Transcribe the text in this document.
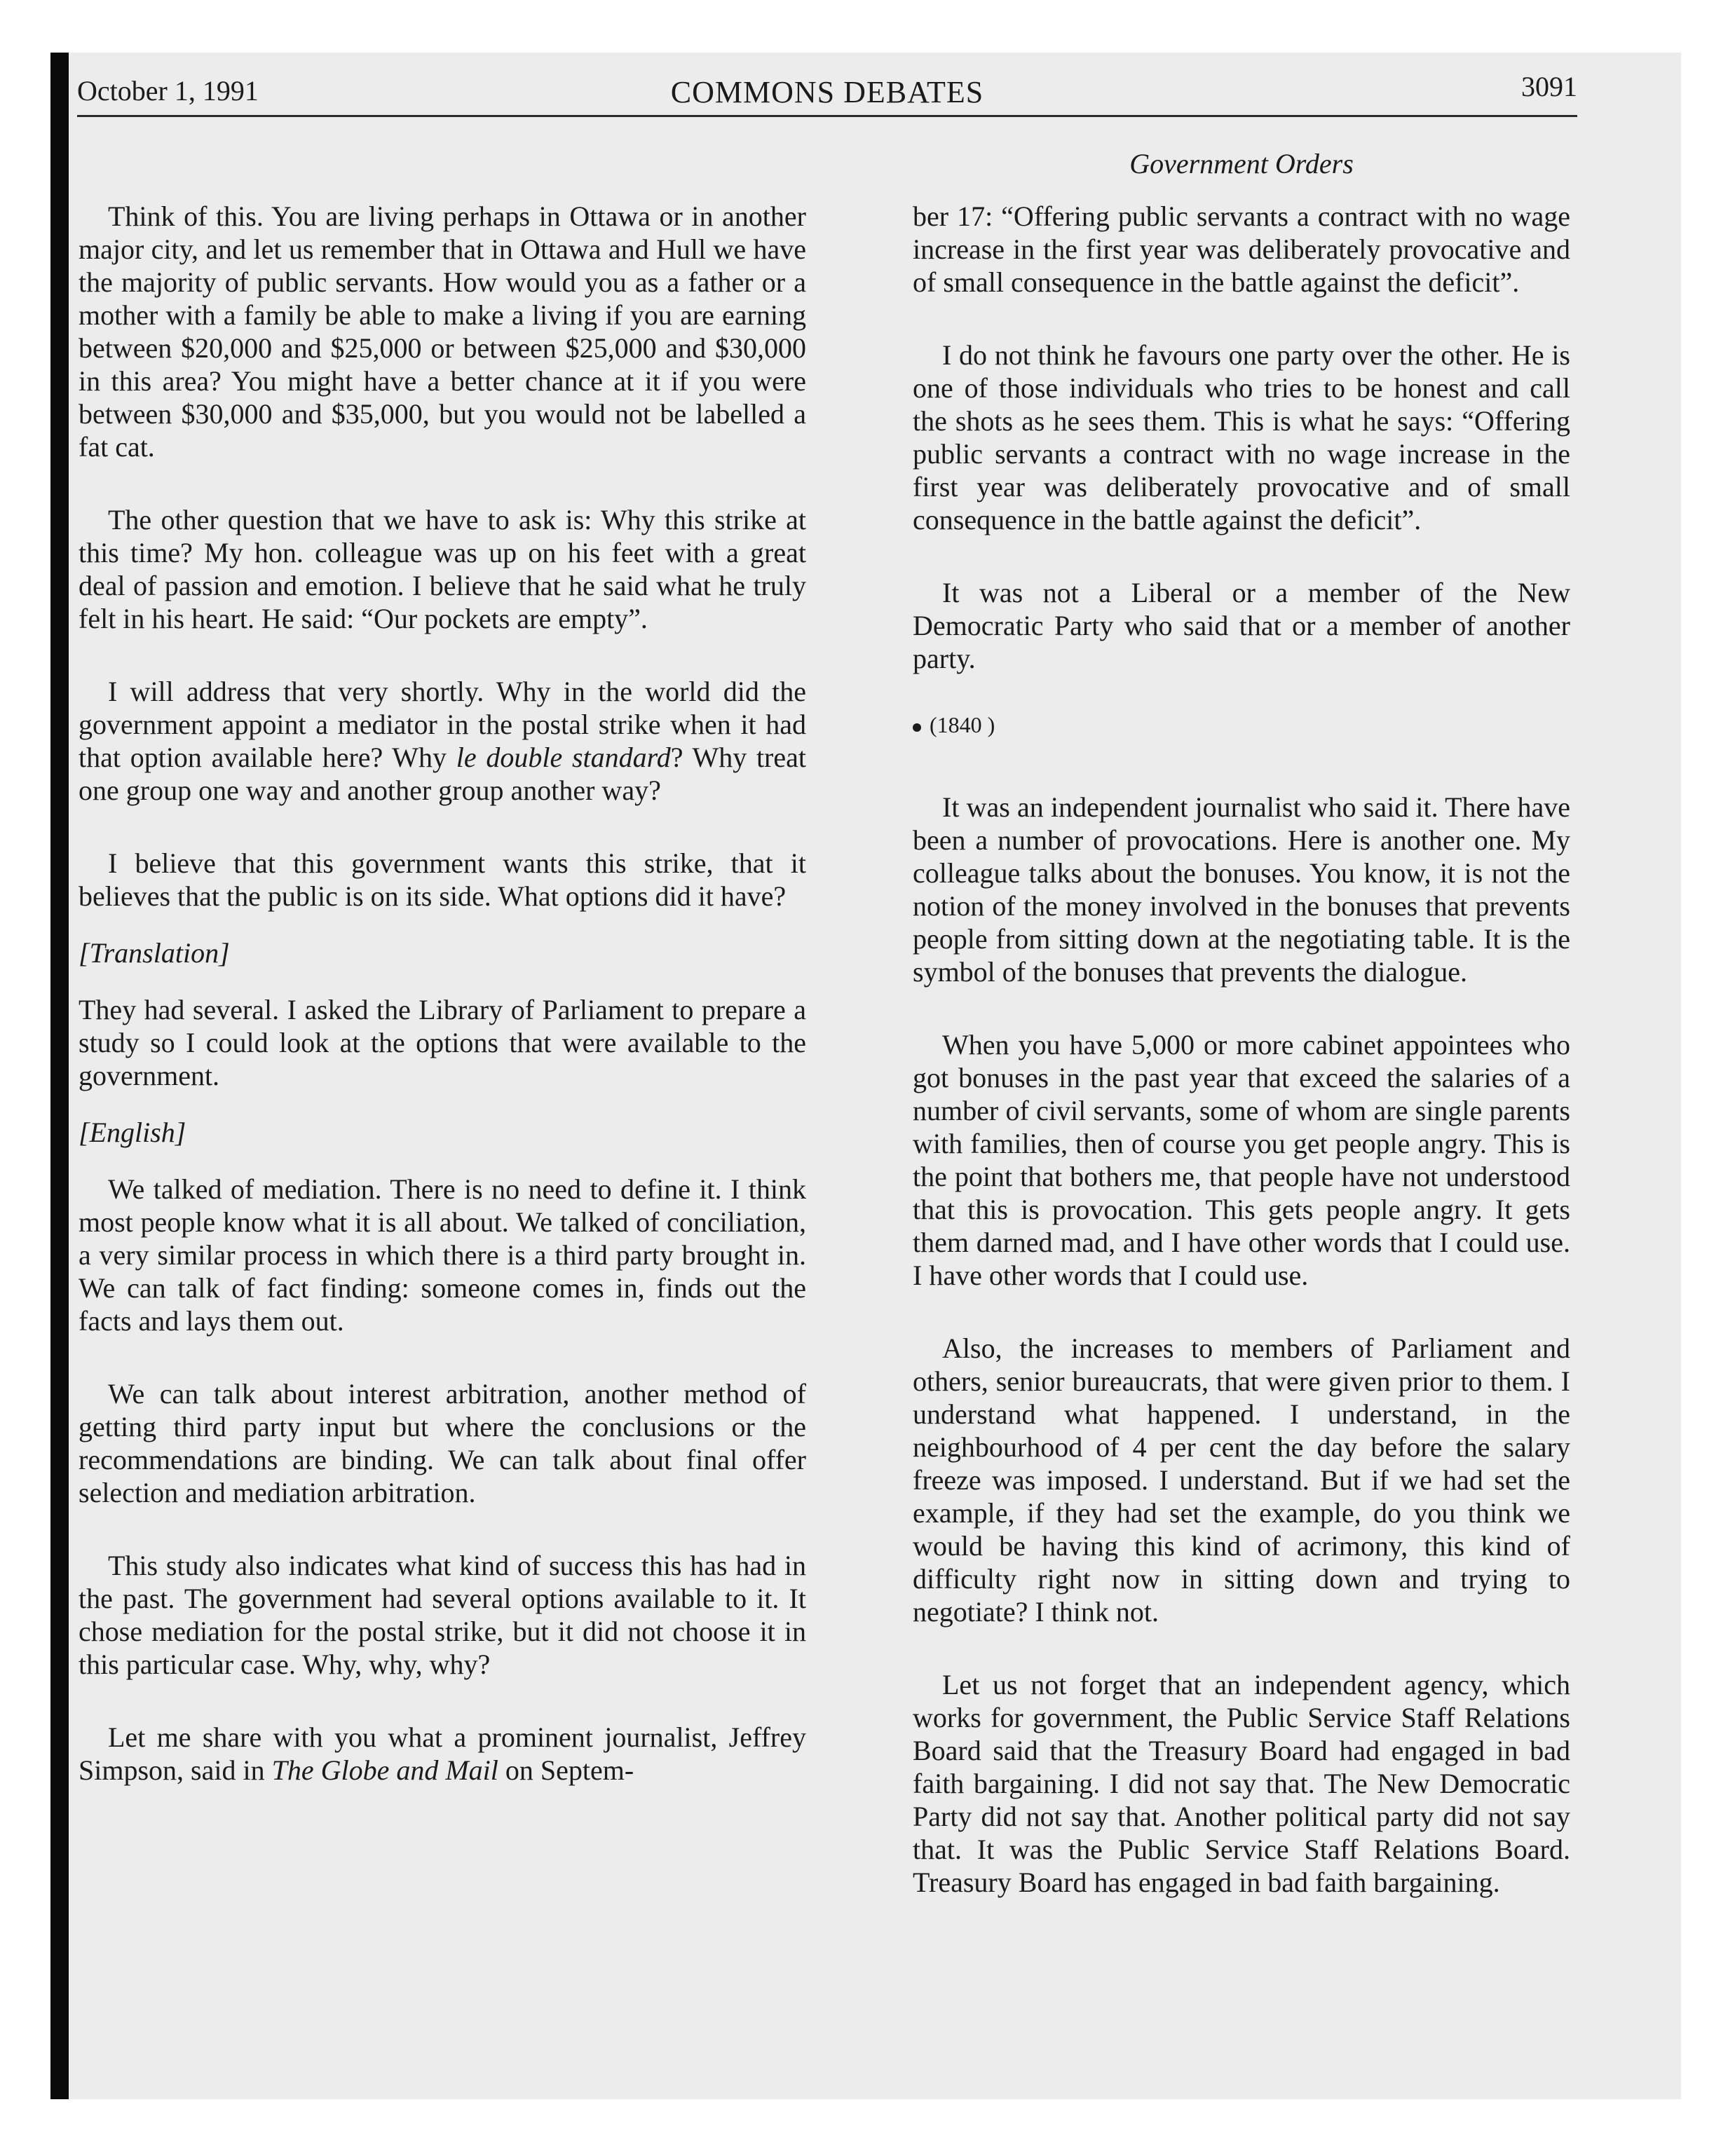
October 1, 1991	COMMONS DEBATES	3091
Government Orders

Think of this. You are living perhaps in Ottawa or in another major city, and let us remember that in Ottawa and Hull we have the majority of public servants. How would you as a father or a mother with a family be able to make a living if you are earning between $20,000 and $25,000 or between $25,000 and $30,000 in this area? You might have a better chance at it if you were between $30,000 and $35,000, but you would not be labelled a fat cat.

The other question that we have to ask is: Why this strike at this time? My hon. colleague was up on his feet with a great deal of passion and emotion. I believe that he said what he truly felt in his heart. He said: “Our pockets are empty”.

I will address that very shortly. Why in the world did the government appoint a mediator in the postal strike when it had that option available here? Why le double standard? Why treat one group one way and another group another way?

I believe that this government wants this strike, that it believes that the public is on its side. What options did it have?

[Translation]

They had several. I asked the Library of Parliament to prepare a study so I could look at the options that were available to the government.

[English]

We talked of mediation. There is no need to define it. I think most people know what it is all about. We talked of conciliation, a very similar process in which there is a third party brought in. We can talk of fact finding: someone comes in, finds out the facts and lays them out.

We can talk about interest arbitration, another method of getting third party input but where the conclusions or the recommendations are binding. We can talk about final offer selection and mediation arbitration.

This study also indicates what kind of success this has had in the past. The government had several options available to it. It chose mediation for the postal strike, but it did not choose it in this particular case. Why, why, why?

Let me share with you what a prominent journalist, Jeffrey Simpson, said in The Globe and Mail on Septem-

ber 17: “Offering public servants a contract with no wage increase in the first year was deliberately provocative and of small consequence in the battle against the deficit”.

I do not think he favours one party over the other. He is one of those individuals who tries to be honest and call the shots as he sees them. This is what he says: “Offering public servants a contract with no wage increase in the first year was deliberately provocative and of small consequence in the battle against the deficit”.

It was not a Liberal or a member of the New Democratic Party who said that or a member of another party.

(1840 )

It was an independent journalist who said it. There have been a number of provocations. Here is another one. My colleague talks about the bonuses. You know, it is not the notion of the money involved in the bonuses that prevents people from sitting down at the negotiating table. It is the symbol of the bonuses that prevents the dialogue.

When you have 5,000 or more cabinet appointees who got bonuses in the past year that exceed the salaries of a number of civil servants, some of whom are single parents with families, then of course you get people angry. This is the point that bothers me, that people have not understood that this is provocation. This gets people angry. It gets them darned mad, and I have other words that I could use. I have other words that I could use.

Also, the increases to members of Parliament and others, senior bureaucrats, that were given prior to them. I understand what happened. I understand, in the neighbourhood of 4 per cent the day before the salary freeze was imposed. I understand. But if we had set the example, if they had set the example, do you think we would be having this kind of acrimony, this kind of difficulty right now in sitting down and trying to negotiate? I think not.

Let us not forget that an independent agency, which works for government, the Public Service Staff Relations Board said that the Treasury Board had engaged in bad faith bargaining. I did not say that. The New Democratic Party did not say that. Another political party did not say that. It was the Public Service Staff Relations Board. Treasury Board has engaged in bad faith bargaining.
